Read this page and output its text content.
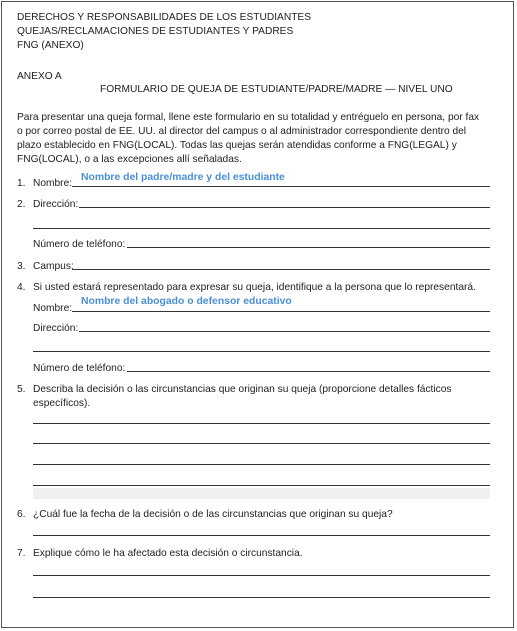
DERECHOS Y RESPONSABILIDADES DE LOS ESTUDIANTES
QUEJAS/RECLAMACIONES DE ESTUDIANTES Y PADRES
FNG (ANEXO)
ANEXO A
FORMULARIO DE QUEJA DE ESTUDIANTE/PADRE/MADRE — NIVEL UNO
Para presentar una queja formal, llene este formulario en su totalidad y entréguelo en persona, por fax
o por correo postal de EE. UU. al director del campus o al administrador correspondiente dentro del
plazo establecido en FNG(LOCAL). Todas las quejas serán atendidas conforme a FNG(LEGAL) y
FNG(LOCAL), o a las excepciones allí señaladas.
1. Nombre:
Nombre del padre/madre y del estudiante
2. Dirección:
Número de teléfono:
3. Campus:
4. Si usted estará representado para expresar su queja, identifique a la persona que lo representará.
Nombre:
Nombre del abogado o defensor educativo
Dirección:
Número de teléfono:
5. Describa la decisión o las circunstancias que originan su queja (proporcione detalles fácticos
específicos).
6. ¿Cuál fue la fecha de la decisión o de las circunstancias que originan su queja?
7. Explique cómo le ha afectado esta decisión o circunstancia.
